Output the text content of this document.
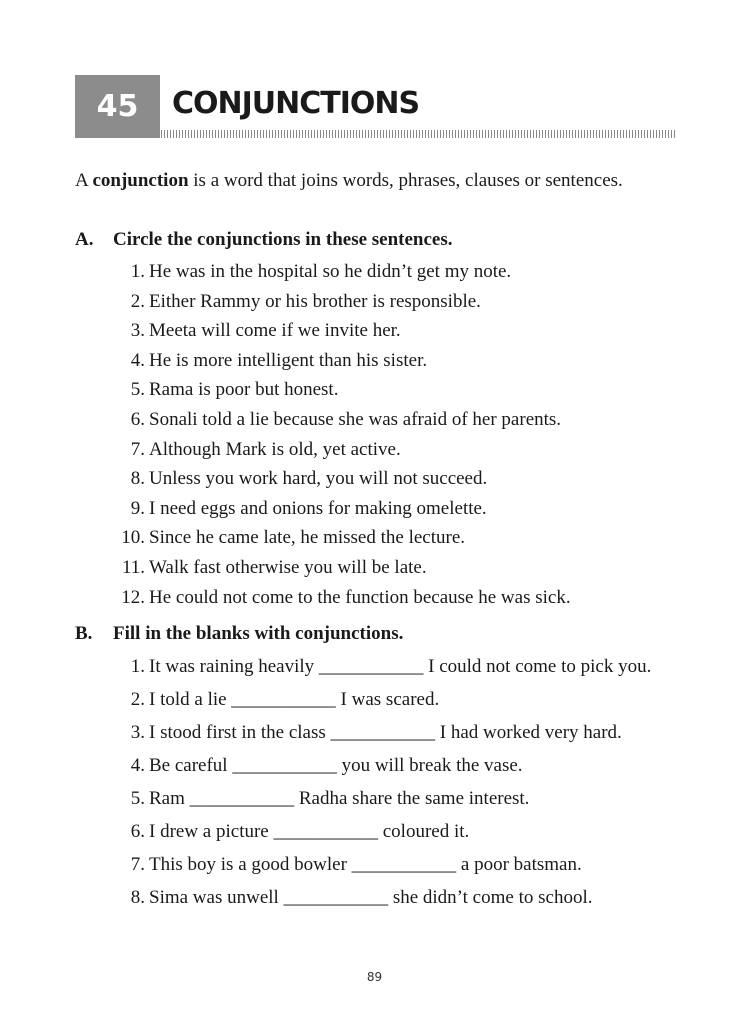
45 CONJUNCTIONS
A conjunction is a word that joins words, phrases, clauses or sentences.
A. Circle the conjunctions in these sentences.
1. He was in the hospital so he didn’t get my note.
2. Either Rammy or his brother is responsible.
3. Meeta will come if we invite her.
4. He is more intelligent than his sister.
5. Rama is poor but honest.
6. Sonali told a lie because she was afraid of her parents.
7. Although Mark is old, yet active.
8. Unless you work hard, you will not succeed.
9. I need eggs and onions for making omelette.
10. Since he came late, he missed the lecture.
11. Walk fast otherwise you will be late.
12. He could not come to the function because he was sick.
B. Fill in the blanks with conjunctions.
1. It was raining heavily ___________ I could not come to pick you.
2. I told a lie ___________ I was scared.
3. I stood first in the class ___________ I had worked very hard.
4. Be careful ___________ you will break the vase.
5. Ram ___________ Radha share the same interest.
6. I drew a picture ___________ coloured it.
7. This boy is a good bowler ___________ a poor batsman.
8. Sima was unwell ___________ she didn’t come to school.
89
